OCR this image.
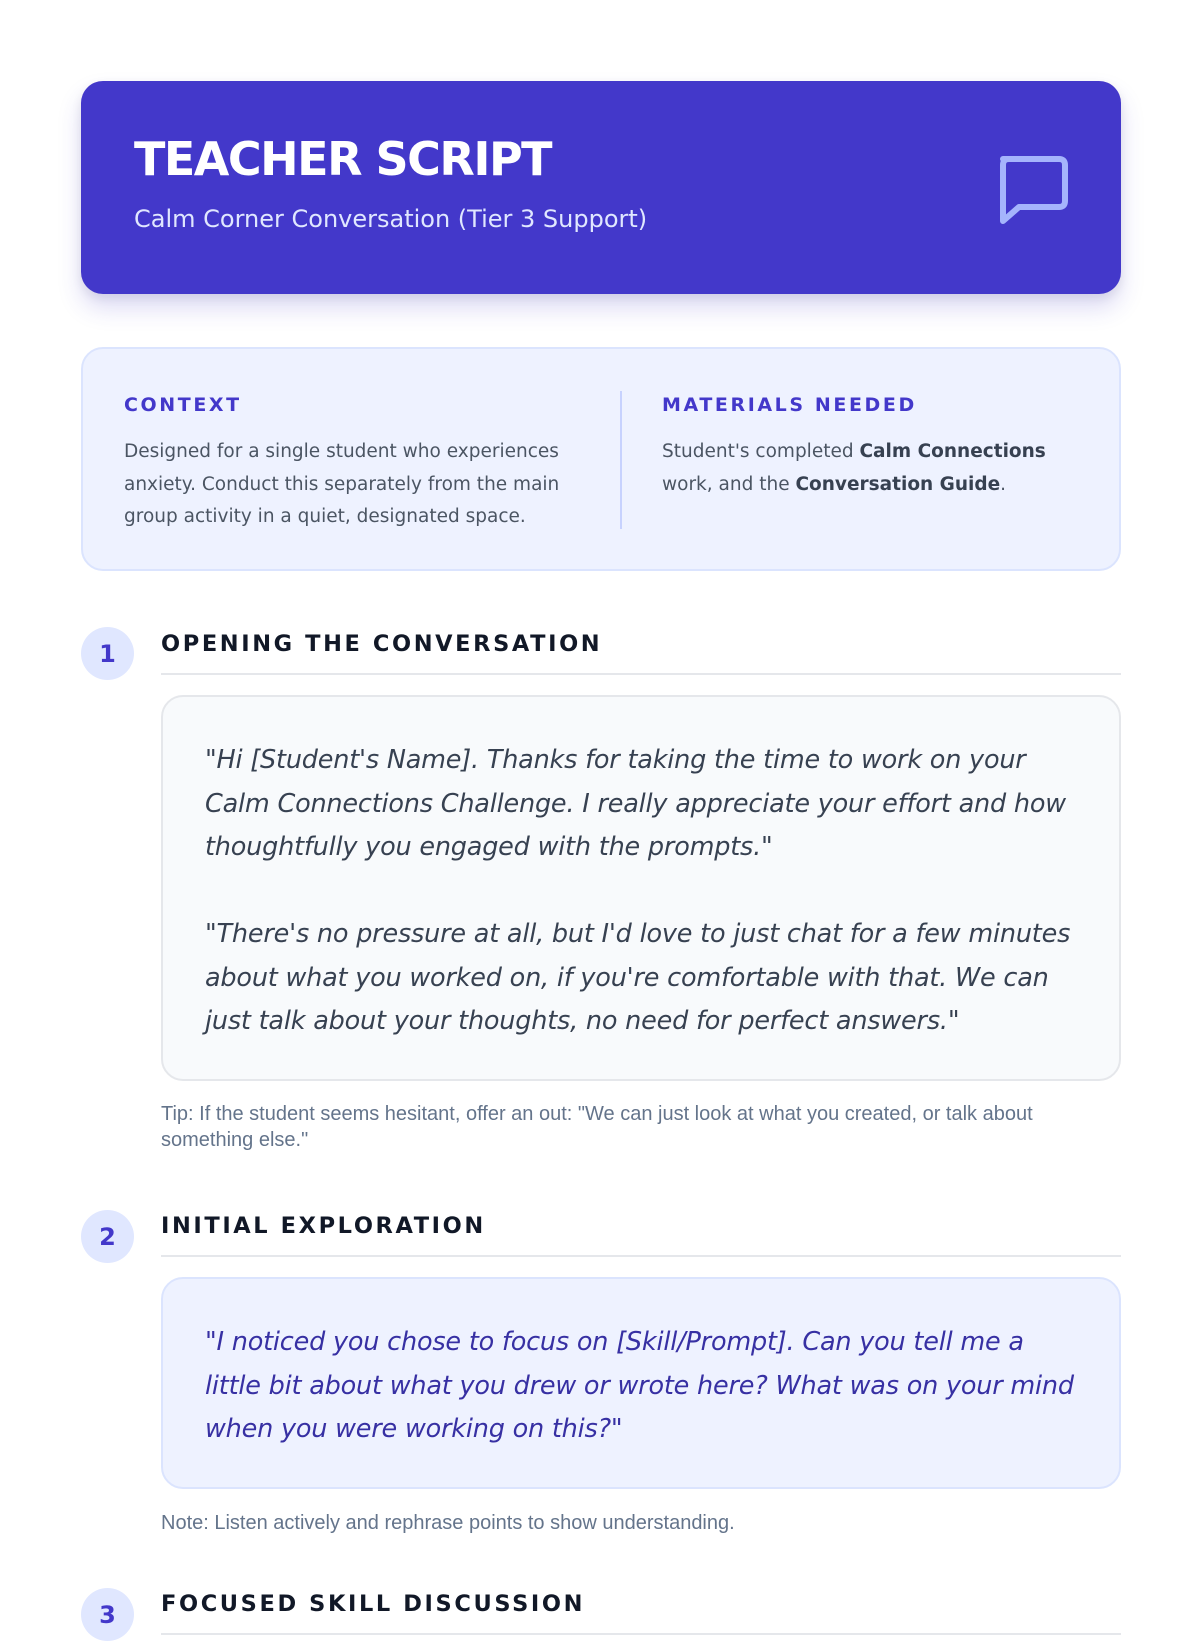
TEACHER SCRIPT
Calm Corner Conversation (Tier 3 Support)
CONTEXT
Designed for a single student who experiences anxiety. Conduct this separately from the main group activity in a quiet, designated space.
MATERIALS NEEDED
Student's completed Calm Connections work, and the Conversation Guide.
1	OPENING THE CONVERSATION

"Hi [Student's Name]. Thanks for taking the time to work on your Calm Connections Challenge. I really appreciate your effort and how thoughtfully you engaged with the prompts."

"There's no pressure at all, but I'd love to just chat for a few minutes about what you worked on, if you're comfortable with that. We can just talk about your thoughts, no need for perfect answers."

Tip: If the student seems hesitant, offer an out: "We can just look at what you created, or talk about something else."
2	INITIAL EXPLORATION

"I noticed you chose to focus on [Skill/Prompt]. Can you tell me a little bit about what you drew or wrote here? What was on your mind when you were working on this?"

Note: Listen actively and rephrase points to show understanding.
3	FOCUSED SKILL DISCUSSION
